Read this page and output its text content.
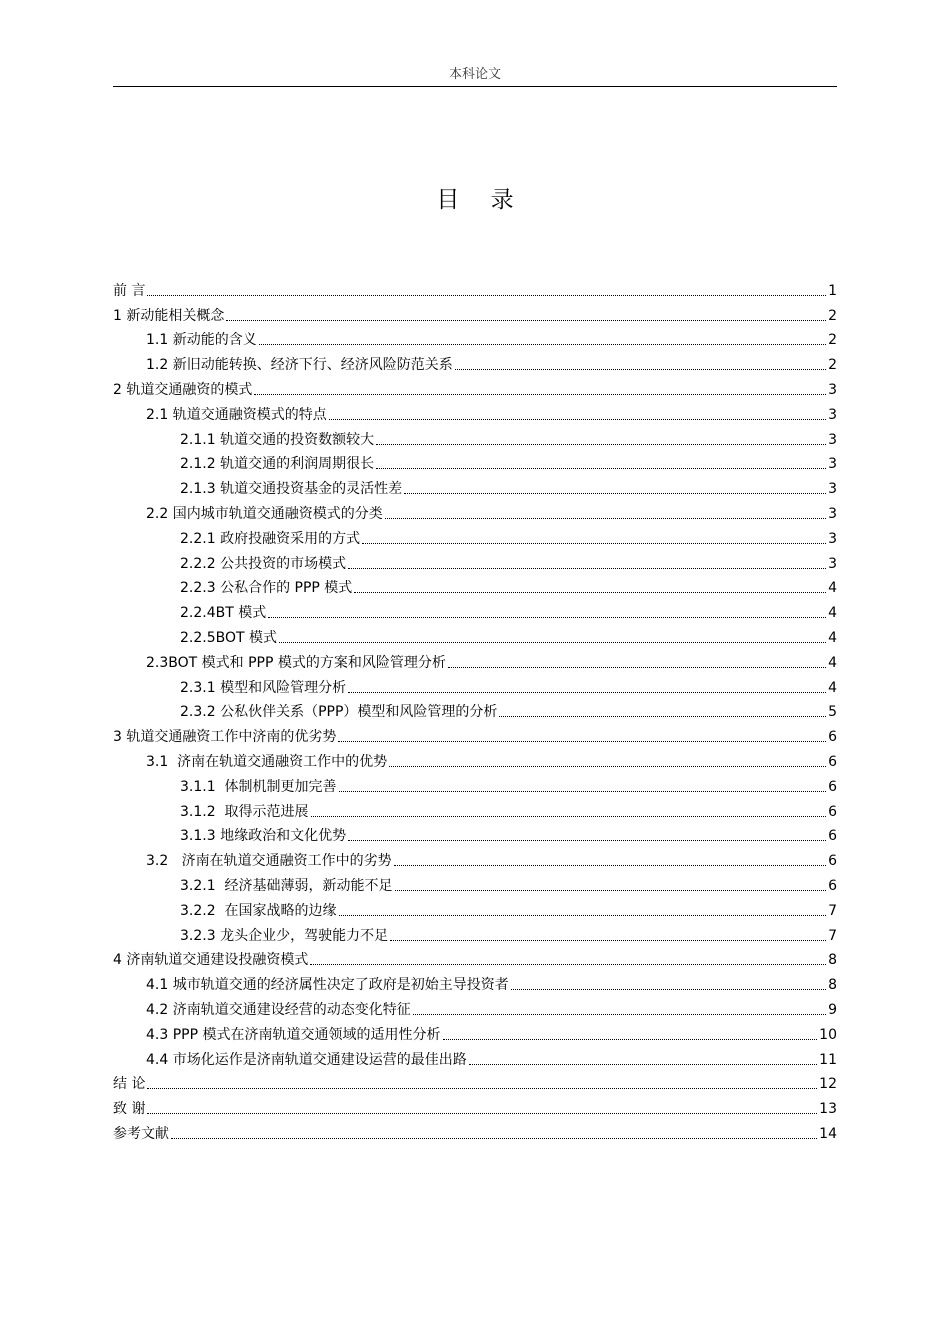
本科论文
目 录
前 言	1
1 新动能相关概念	2
1.1 新动能的含义	2
1.2 新旧动能转换、经济下行、经济风险防范关系	2
2 轨道交通融资的模式	3
2.1 轨道交通融资模式的特点	3
2.1.1 轨道交通的投资数额较大	3
2.1.2 轨道交通的利润周期很长	3
2.1.3 轨道交通投资基金的灵活性差	3
2.2 国内城市轨道交通融资模式的分类	3
2.2.1 政府投融资采用的方式	3
2.2.2 公共投资的市场模式	3
2.2.3 公私合作的 PPP 模式	4
2.2.4BT 模式	4
2.2.5BOT 模式	4
2.3BOT 模式和 PPP 模式的方案和风险管理分析	4
2.3.1 模型和风险管理分析	4
2.3.2 公私伙伴关系（PPP）模型和风险管理的分析	5
3 轨道交通融资工作中济南的优劣势	6
3.1  济南在轨道交通融资工作中的优势	6
3.1.1  体制机制更加完善	6
3.1.2  取得示范进展	6
3.1.3 地缘政治和文化优势	6
3.2   济南在轨道交通融资工作中的劣势	6
3.2.1  经济基础薄弱，新动能不足	6
3.2.2  在国家战略的边缘	7
3.2.3 龙头企业少，驾驶能力不足	7
4 济南轨道交通建设投融资模式	8
4.1 城市轨道交通的经济属性决定了政府是初始主导投资者	8
4.2 济南轨道交通建设经营的动态变化特征	9
4.3 PPP 模式在济南轨道交通领域的适用性分析	10
4.4 市场化运作是济南轨道交通建设运营的最佳出路	11
结 论	12
致 谢	13
参考文献	14
